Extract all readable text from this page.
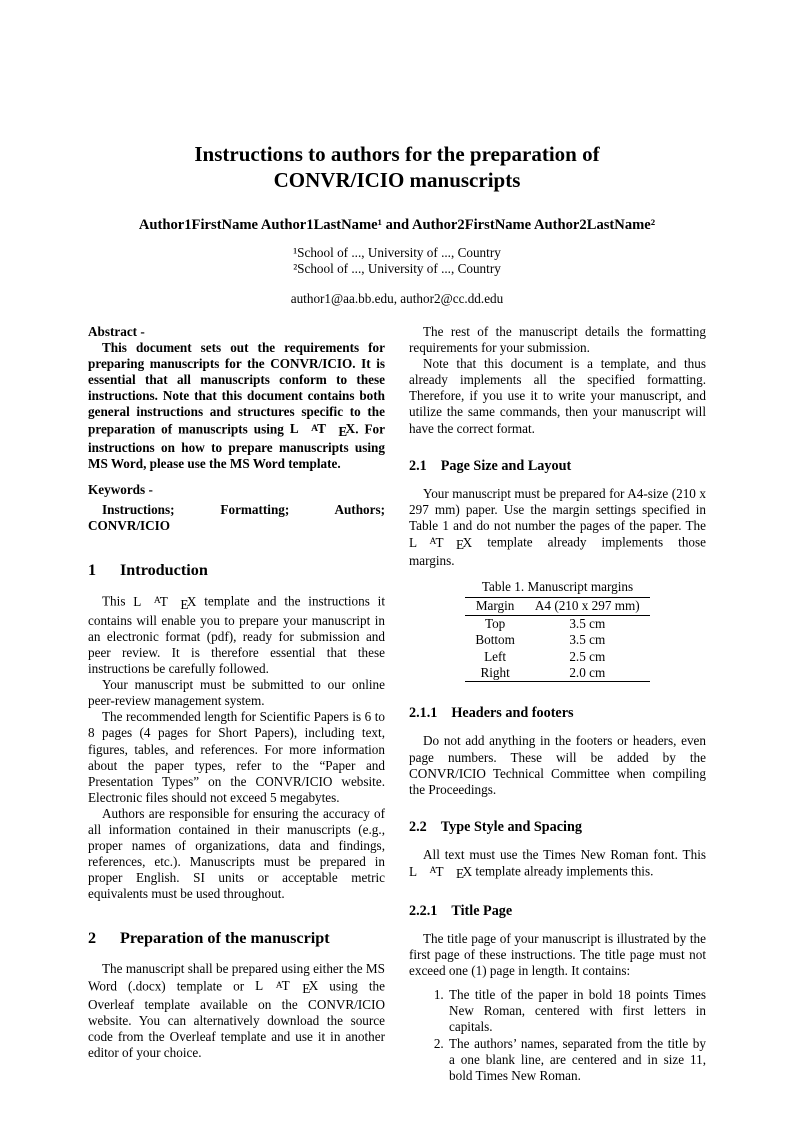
Instructions to authors for the preparation of CONVR/ICIO manuscripts
Author1FirstName Author1LastName¹ and Author2FirstName Author2LastName²
¹School of ..., University of ..., Country
²School of ..., University of ..., Country
author1@aa.bb.edu, author2@cc.dd.edu
Abstract -

This document sets out the requirements for preparing manuscripts for the CONVR/ICIO. It is essential that all manuscripts conform to these instructions. Note that this document contains both general instructions and structures specific to the preparation of manuscripts using L AT EX. For instructions on how to prepare manuscripts using MS Word, please use the MS Word template.

Keywords -
Instructions; Formatting; Authors; CONVR/ICIO
1 Introduction

This L AT EX template and the instructions it contains will enable you to prepare your manuscript in an electronic format (pdf), ready for submission and peer review. It is therefore essential that these instructions be carefully followed.

Your manuscript must be submitted to our online peer-review management system.

The recommended length for Scientific Papers is 6 to 8 pages (4 pages for Short Papers), including text, figures, tables, and references. For more information about the paper types, refer to the “Paper and Presentation Types” on the CONVR/ICIO website. Electronic files should not exceed 5 megabytes.

Authors are responsible for ensuring the accuracy of all information contained in their manuscripts (e.g., proper names of organizations, data and findings, references, etc.). Manuscripts must be prepared in proper English. SI units or acceptable metric equivalents must be used throughout.

2 Preparation of the manuscript

The manuscript shall be prepared using either the MS Word (.docx) template or L AT EX using the Overleaf template available on the CONVR/ICIO website. You can alternatively download the source code from the Overleaf template and use it in another editor of your choice.

The rest of the manuscript details the formatting requirements for your submission.

Note that this document is a template, and thus already implements all the specified formatting. Therefore, if you use it to write your manuscript, and utilize the same commands, then your manuscript will have the correct format.

2.1 Page Size and Layout

Your manuscript must be prepared for A4-size (210 x 297 mm) paper. Use the margin settings specified in Table 1 and do not number the pages of the paper. The L AT EX template already implements those margins.

Table 1. Manuscript margins
Margin	A4 (210 x 297 mm)
Top	3.5 cm
Bottom	3.5 cm
Left	2.5 cm
Right	2.0 cm
2.1.1 Headers and footers

Do not add anything in the footers or headers, even page numbers. These will be added by the CONVR/ICIO Technical Committee when compiling the Proceedings.

2.2 Type Style and Spacing

All text must use the Times New Roman font. This L AT EX template already implements this.

2.2.1 Title Page

The title page of your manuscript is illustrated by the first page of these instructions. The title page must not exceed one (1) page in length. It contains:

1. The title of the paper in bold 18 points Times New Roman, centered with first letters in capitals.
2. The authors’ names, separated from the title by a one blank line, are centered and in size 11, bold Times New Roman.
